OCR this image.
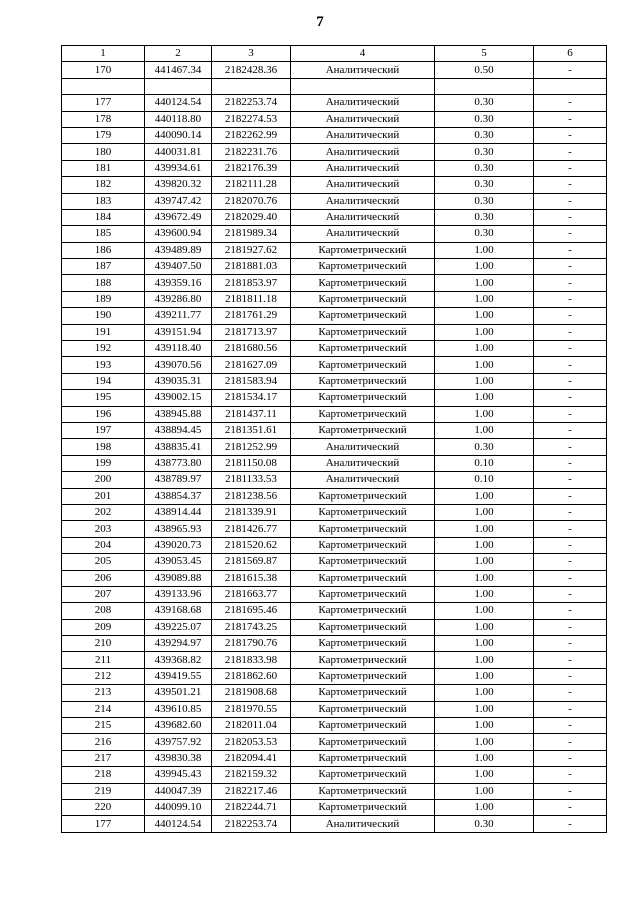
7
1	2	3	4	5	6
170	441467.34	2182428.36	Аналитический	0.50	-

177	440124.54	2182253.74	Аналитический	0.30	-
178	440118.80	2182274.53	Аналитический	0.30	-
179	440090.14	2182262.99	Аналитический	0.30	-
180	440031.81	2182231.76	Аналитический	0.30	-
181	439934.61	2182176.39	Аналитический	0.30	-
182	439820.32	2182111.28	Аналитический	0.30	-
183	439747.42	2182070.76	Аналитический	0.30	-
184	439672.49	2182029.40	Аналитический	0.30	-
185	439600.94	2181989.34	Аналитический	0.30	-
186	439489.89	2181927.62	Картометрический	1.00	-
187	439407.50	2181881.03	Картометрический	1.00	-
188	439359.16	2181853.97	Картометрический	1.00	-
189	439286.80	2181811.18	Картометрический	1.00	-
190	439211.77	2181761.29	Картометрический	1.00	-
191	439151.94	2181713.97	Картометрический	1.00	-
192	439118.40	2181680.56	Картометрический	1.00	-
193	439070.56	2181627.09	Картометрический	1.00	-
194	439035.31	2181583.94	Картометрический	1.00	-
195	439002.15	2181534.17	Картометрический	1.00	-
196	438945.88	2181437.11	Картометрический	1.00	-
197	438894.45	2181351.61	Картометрический	1.00	-
198	438835.41	2181252.99	Аналитический	0.30	-
199	438773.80	2181150.08	Аналитический	0.10	-
200	438789.97	2181133.53	Аналитический	0.10	-
201	438854.37	2181238.56	Картометрический	1.00	-
202	438914.44	2181339.91	Картометрический	1.00	-
203	438965.93	2181426.77	Картометрический	1.00	-
204	439020.73	2181520.62	Картометрический	1.00	-
205	439053.45	2181569.87	Картометрический	1.00	-
206	439089.88	2181615.38	Картометрический	1.00	-
207	439133.96	2181663.77	Картометрический	1.00	-
208	439168.68	2181695.46	Картометрический	1.00	-
209	439225.07	2181743.25	Картометрический	1.00	-
210	439294.97	2181790.76	Картометрический	1.00	-
211	439368.82	2181833.98	Картометрический	1.00	-
212	439419.55	2181862.60	Картометрический	1.00	-
213	439501.21	2181908.68	Картометрический	1.00	-
214	439610.85	2181970.55	Картометрический	1.00	-
215	439682.60	2182011.04	Картометрический	1.00	-
216	439757.92	2182053.53	Картометрический	1.00	-
217	439830.38	2182094.41	Картометрический	1.00	-
218	439945.43	2182159.32	Картометрический	1.00	-
219	440047.39	2182217.46	Картометрический	1.00	-
220	440099.10	2182244.71	Картометрический	1.00	-
177	440124.54	2182253.74	Аналитический	0.30	-
